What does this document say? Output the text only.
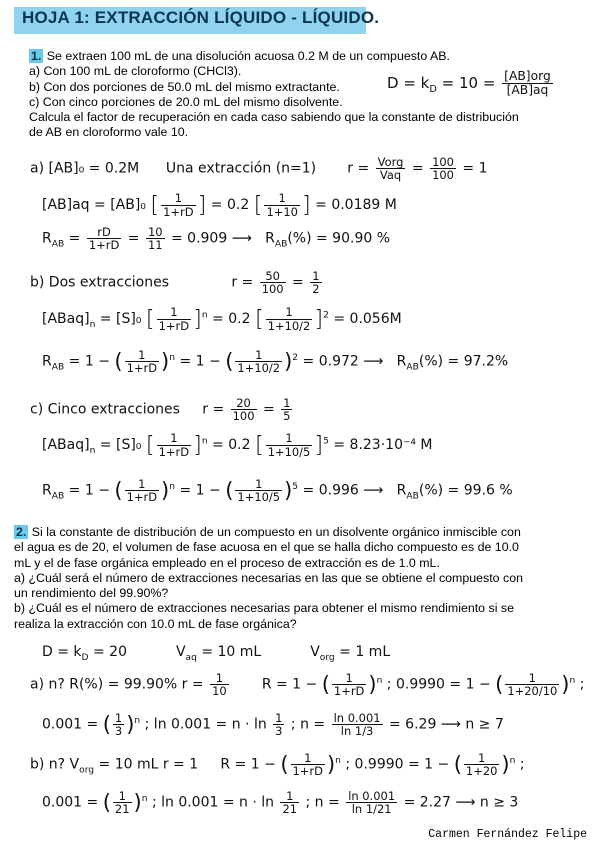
HOJA 1: EXTRACCIÓN LÍQUIDO - LÍQUIDO.
1. Se extraen 100 mL de una disolución acuosa 0.2 M de un compuesto AB.
a) Con 100 mL de cloroformo (CHCl3).
b) Con dos porciones de 50.0 mL del mismo extractante.
c) Con cinco porciones de 20.0 mL del mismo disolvente.
Calcula el factor de recuperación en cada caso sabiendo que la constante de distribución
de AB en cloroformo vale 10.
$D = k_D = 10 = \frac{\text{[AB]org}}{[AB]aq}$
a) [AB]₀ = 0.2M Una extracción (n=1) $r = \frac{\text{Vorg}}{\text{Vaq}} = \frac{100}{100} = 1$
[AB]aq = [AB]₀ [ $\frac{1}{1+rD}$ ] = 0.2 [ $\frac{1}{1+10}$ ] = 0.0189 M
$R_{AB} = \frac{rD}{1+rD} = \frac{10}{11} = 0.909$ ⟶ $R_{AB}(\%) = 90.90$ %
b) Dos extracciones	$r = \frac{50}{100} = \frac{1}{2}$
$[ABaq]_n = [S]_0$ [ $\frac{1}{1+rD} ]^n = 0.2$ [ $\frac{1}{1+10/2} ]^2 = 0.056M$
$R_{AB} = 1$ − ( $\frac{1}{1+rD} )^n = 1$ − ( $\frac{1}{1+10/2} )^2 = 0.972$ ⟶ $R_{AB}(\%) = 97.2\%$
c) Cinco extracciones $r = \frac{20}{100} = \frac{1}{5}$
$[ABaq]_n = [S]_0$ [ $\frac{1}{1+rD} ]^n = 0.2$ [ $\frac{1}{1+10/5} ]^5 = 8.23\cdot 10^{-4}$ M
$R_{AB} = 1$ − ( $\frac{1}{1+rD} )^n = 1$ − ( $\frac{1}{1+10/5} )^5 = 0.996$ ⟶ $R_{AB}(\%) = 99.6$ %
2. Si la constante de distribución de un compuesto en un disolvente orgánico inmiscible con
el agua es de 20, el volumen de fase acuosa en el que se halla dicho compuesto es de 10.0
mL y el de fase orgánica empleado en el proceso de extracción es de 1.0 mL.
a) ¿Cuál será el número de extracciones necesarias en las que se obtiene el compuesto con
un rendimiento del 99.90%?
b) ¿Cuál es el número de extracciones necesarias para obtener el mismo rendimiento si se
realiza la extracción con 10.0 mL de fase orgánica?
$D = k_D = 20$	$V_{aq} = 10$ mL	$V_{org} = 1$ mL
a) n? R(%) = 99.90% $r = \frac{1}{10}$ R = 1 − ( $\frac{1}{1+rD} )^n$ ; 0.9990 = 1 − ( $\frac{1}{1+20/10} )^n$ ;
0.001 = ( $\frac{1}{3} )^n$ ; $\ln 0.001 = n \cdot \ln \frac{1}{3}$ ; $n = \frac{\ln 0.001}{\ln 1/3} = 6.29$ ⟶ n ≥ 7
b) n? $V_{org} = 10$ mL r = 1 R = 1 − ( $\frac{1}{1+rD} )^n$ ; 0.9990 = 1 − ( $\frac{1}{1+20} )^n$ ;
0.001 = ( $\frac{1}{21} )^n$ ; $\ln 0.001 = n \cdot \ln \frac{1}{21}$ ; $n = \frac{\ln 0.001}{\ln 1/21} = 2.27$ ⟶ n ≥ 3
Carmen Fernández Felipe
